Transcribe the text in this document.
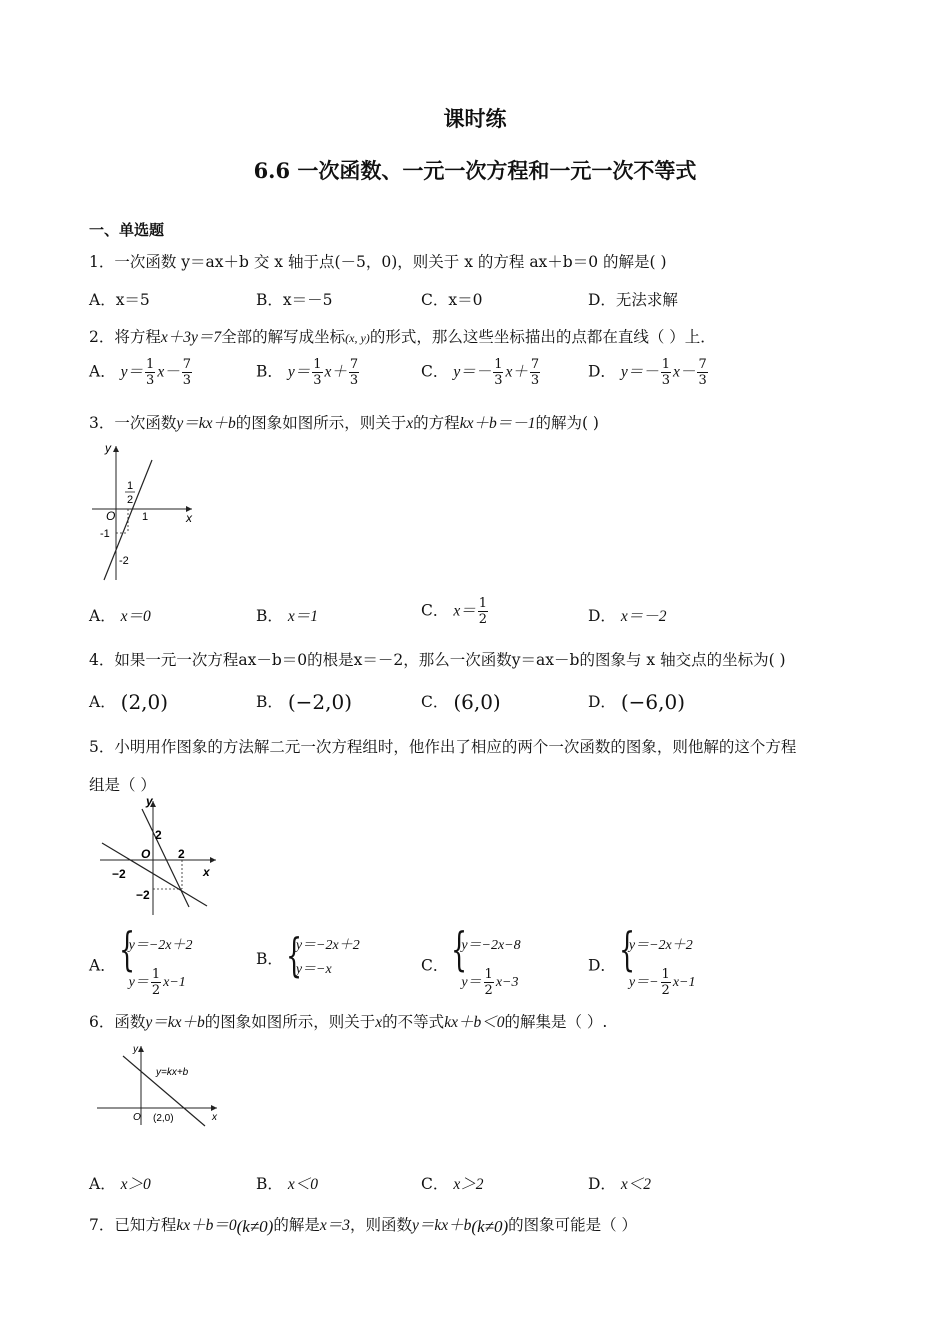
课时练
6.6 一次函数、一元一次方程和一元一次不等式
一、单选题
1．一次函数 y＝ax＋b 交 x 轴于点(－5，0)，则关于 x 的方程 ax＋b＝0 的解是( )
A．x＝5	B．x＝－5	C．x＝0	D．无法求解
2．将方程x＋3y＝7全部的解写成坐标(x, y)的形式，那么这些坐标描出的点都在直线（ ）上．
A． $y= \frac{1}{3} x- \frac{7}{3}$	B． $y= \frac{1}{3} x+ \frac{7}{3}$	C． $y=- \frac{1}{3} x+ \frac{7}{3}$	D． $y=- \frac{1}{3} x- \frac{7}{3}$
3．一次函数y＝kx＋b的图象如图所示，则关于x的方程kx＋b＝－1的解为( )
y
x
O
1
2
1
-1
-2
A． x＝0	B． x＝1	C． $x= \frac{1}{2}$	D． x＝－2
4．如果一元一次方程ax－b＝0的根是x＝－2，那么一次函数y＝ax－b的图象与 x 轴交点的坐标为( )
A． (2,0)	B． (−2,0)	C． (6,0)	D． (−6,0)
5．小明用作图象的方法解二元一次方程组时，他作出了相应的两个一次函数的图象，则他解的这个方程
组是（ ）
y
x
O
2
2
−2
−2
A． {
y＝−2x＋2
$y= \frac{1}{2} x-1$
B． {
y＝−2x＋2
y＝−x	C． {
y＝−2x−8
$y= \frac{1}{2} x-3$
D． {
y＝−2x＋2
$y=- \frac{1}{2} x-1$
6．函数y＝kx＋b的图象如图所示，则关于x的不等式kx＋b＜0的解集是（ ）.
y
x
O
y=kx+b
(2,0)
A． x＞0	B． x＜0	C． x＞2	D． x＜2
7．已知方程kx＋b＝0(k≠0)的解是x＝3，则函数y＝kx＋b(k≠0)的图象可能是（ ）
